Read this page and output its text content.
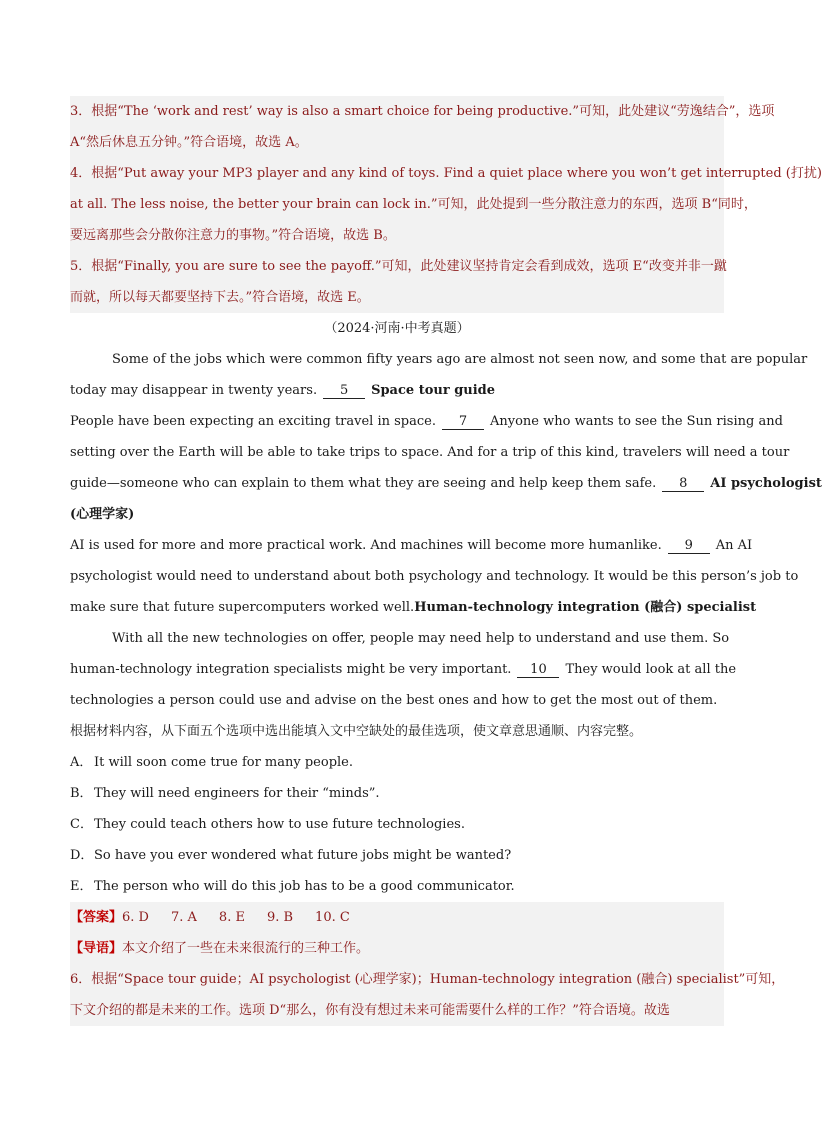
3．根据“The ‘work and rest’ way is also a smart choice for being productive.”可知，此处建议“劳逸结合”，选项
A“然后休息五分钟。”符合语境，故选 A。
4．根据“Put away your MP3 player and any kind of toys. Find a quiet place where you won’t get interrupted (打扰)
at all. The less noise, the better your brain can lock in.”可知，此处提到一些分散注意力的东西，选项 B“同时，
要远离那些会分散你注意力的事物。”符合语境，故选 B。
5．根据“Finally, you are sure to see the payoff.”可知，此处建议坚持肯定会看到成效，选项 E“改变并非一蹴
而就，所以每天都要坚持下去。”符合语境，故选 E。
（2024·河南·中考真题）
Some of the jobs which were common fifty years ago are almost not seen now, and some that are popular
today may disappear in twenty years. 5 Space tour guide
People have been expecting an exciting travel in space. 7 Anyone who wants to see the Sun rising and
setting over the Earth will be able to take trips to space. And for a trip of this kind, travelers will need a tour
guide—someone who can explain to them what they are seeing and help keep them safe. 8 AI psychologist
(心理学家)
AI is used for more and more practical work. And machines will become more humanlike. 9 An AI
psychologist would need to understand about both psychology and technology. It would be this person’s job to
make sure that future supercomputers worked well.Human-technology integration (融合) specialist
With all the new technologies on offer, people may need help to understand and use them. So
human-technology integration specialists might be very important. 10 They would look at all the
technologies a person could use and advise on the best ones and how to get the most out of them.
根据材料内容，从下面五个选项中选出能填入文中空缺处的最佳选项，使文章意思通顺、内容完整。
A． It will soon come true for many people.
B．They will need engineers for their “minds”.
C．They could teach others how to use future technologies.
D．So have you ever wondered what future jobs might be wanted?
E． The person who will do this job has to be a good communicator.
【答案】6. D 7. A 8. E 9. B 10. C
【导语】本文介绍了一些在未来很流行的三种工作。
6．根据“Space tour guide；AI psychologist (心理学家)；Human-technology integration (融合) specialist”可知，
下文介绍的都是未来的工作。选项 D“那么，你有没有想过未来可能需要什么样的工作？”符合语境。故选
